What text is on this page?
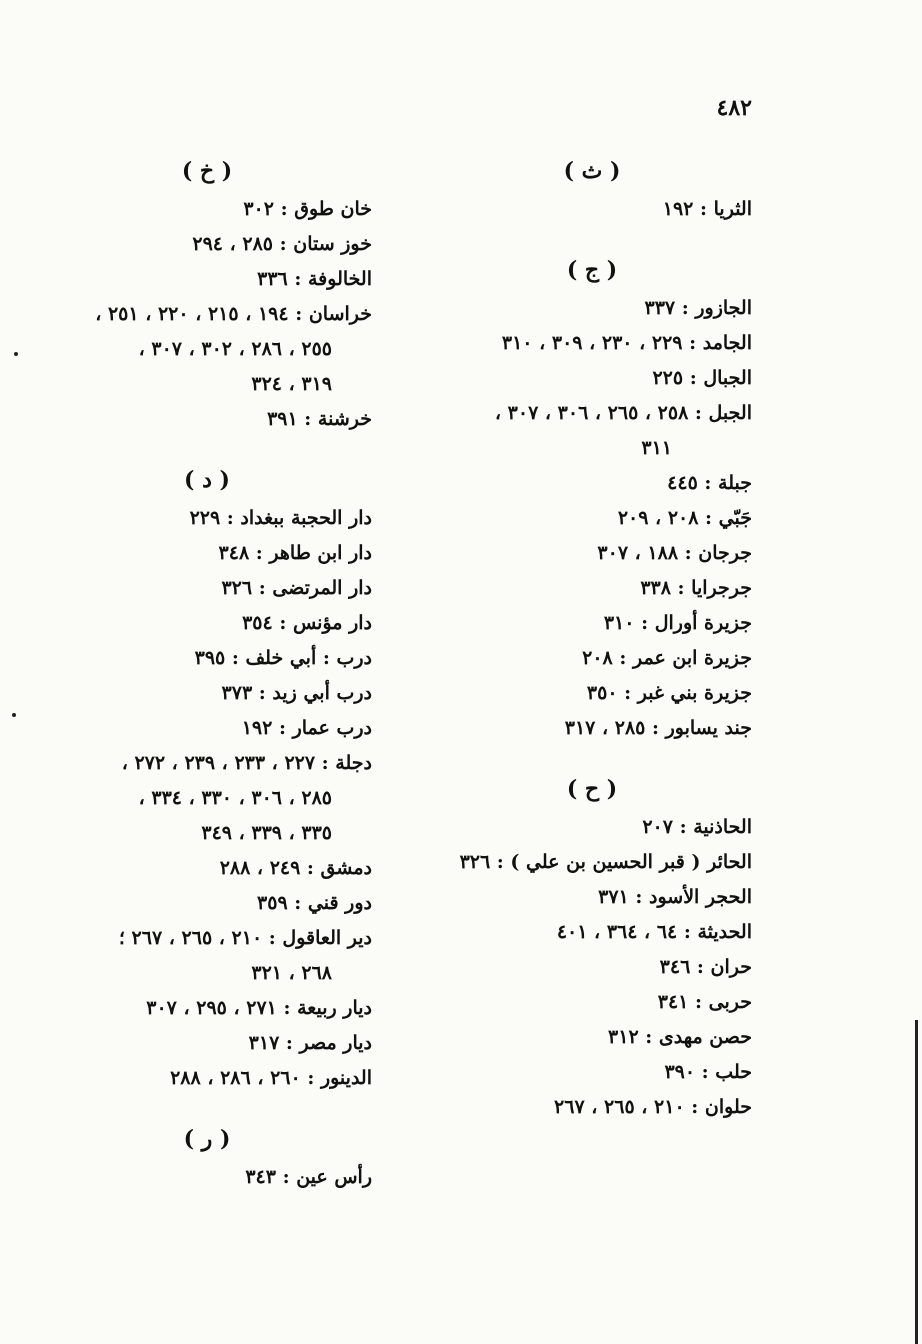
٤٨٢
( ث )
الثريا : ١٩٢
( ج )
الجازور : ٣٣٧
الجامد : ٢٢٩ ، ٢٣٠ ، ٣٠٩ ، ٣١٠
الجبال : ٢٢٥
الجبل : ٢٥٨ ، ٢٦٥ ، ٣٠٦ ، ٣٠٧ ،
٣١١
جبلة : ٤٤٥
جَبّي : ٢٠٨ ، ٢٠٩
جرجان : ١٨٨ ، ٣٠٧
جرجرايا : ٣٣٨
جزيرة أورال : ٣١٠
جزيرة ابن عمر : ٢٠٨
جزيرة بني غبر : ٣٥٠
جند يسابور : ٢٨٥ ، ٣١٧
( ح )
الحاذنية : ٢٠٧
الحائر ( قبر الحسين بن علي ) : ٣٢٦
الحجر الأسود : ٣٧١
الحديثة : ٦٤ ، ٣٦٤ ، ٤٠١
حران : ٣٤٦
حربى : ٣٤١
حصن مهدى : ٣١٢
حلب : ٣٩٠
حلوان : ٢١٠ ، ٢٦٥ ، ٢٦٧
( خ )
خان طوق : ٣٠٢
خوز ستان : ٢٨٥ ، ٢٩٤
الخالوفة : ٣٣٦
خراسان : ١٩٤ ، ٢١٥ ، ٢٢٠ ، ٢٥١ ،
٢٥٥ ، ٢٨٦ ، ٣٠٢ ، ٣٠٧ ،
٣١٩ ، ٣٢٤
خرشنة : ٣٩١
( د )
دار الحجبة ببغداد : ٢٢٩
دار ابن طاهر : ٣٤٨
دار المرتضى : ٣٢٦
دار مؤنس : ٣٥٤
درب : أبي خلف : ٣٩٥
درب أبي زيد : ٣٧٣
درب عمار : ١٩٢
دجلة : ٢٢٧ ، ٢٣٣ ، ٢٣٩ ، ٢٧٢ ،
٢٨٥ ، ٣٠٦ ، ٣٣٠ ، ٣٣٤ ،
٣٣٥ ، ٣٣٩ ، ٣٤٩
دمشق : ٢٤٩ ، ٢٨٨
دور قني : ٣٥٩
دير العاقول : ٢١٠ ، ٢٦٥ ، ٢٦٧ ؛
٢٦٨ ، ٣٢١
ديار ربيعة : ٢٧١ ، ٢٩٥ ، ٣٠٧
ديار مصر : ٣١٧
الدينور : ٢٦٠ ، ٢٨٦ ، ٢٨٨
( ر )
رأس عين : ٣٤٣
